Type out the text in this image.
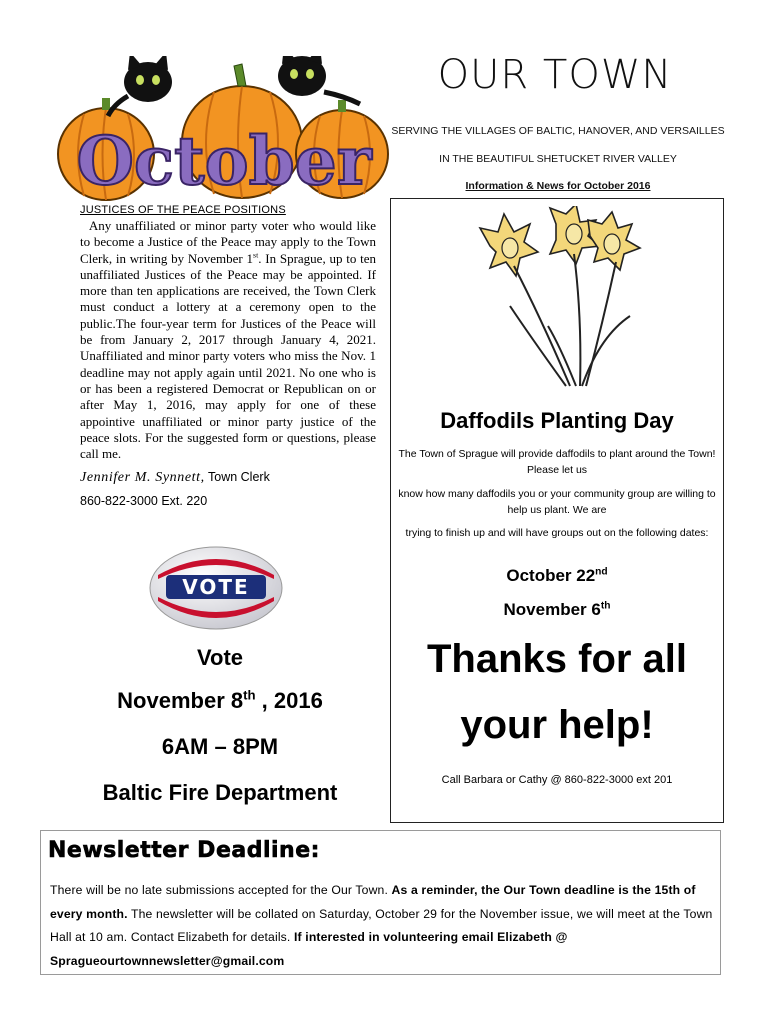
October
OUR TOWN
SERVING THE VILLAGES OF BALTIC, HANOVER, AND VERSAILLES
IN THE BEAUTIFUL SHETUCKET RIVER VALLEY
Information & News for October 2016
JUSTICES OF THE PEACE POSITIONS
Any unaffiliated or minor party voter who would like to become a Justice of the Peace may apply to the Town Clerk, in writing by November 1st. In Sprague, up to ten unaffiliated Justices of the Peace may be appointed. If more than ten applications are received, the Town Clerk must conduct a lottery at a ceremony open to the public.The four-year term for Justices of the Peace will be from January 2, 2017 through January 4, 2021. Unaffiliated and minor party voters who miss the Nov. 1 deadline may not apply again until 2021. No one who is or has been a registered Democrat or Republican on or after May 1, 2016, may apply for one of these appointive unaffiliated or minor party justice of the peace slots. For the suggested form or questions, please call me.
Jennifer M. Synnett, Town Clerk
860-822-3000 Ext. 220
VOTE
Vote
November 8th , 2016
6AM – 8PM
Baltic Fire Department
Daffodils Planting Day
The Town of Sprague will provide daffodils to plant around the Town! Please let us
know how many daffodils you or your community group are willing to help us plant. We are
trying to finish up and will have groups out on the following dates:
October 22nd
November 6th
Thanks for all
your help!
Call Barbara or Cathy @ 860-822-3000 ext 201
Newsletter Deadline:
There will be no late submissions accepted for the Our Town. As a reminder, the Our Town deadline is the 15th of every month. The newsletter will be collated on Saturday, October 29 for the November issue, we will meet at the Town Hall at 10 am. Contact Elizabeth for details. If interested in volunteering email Elizabeth @ Spragueourtownnewsletter@gmail.com
